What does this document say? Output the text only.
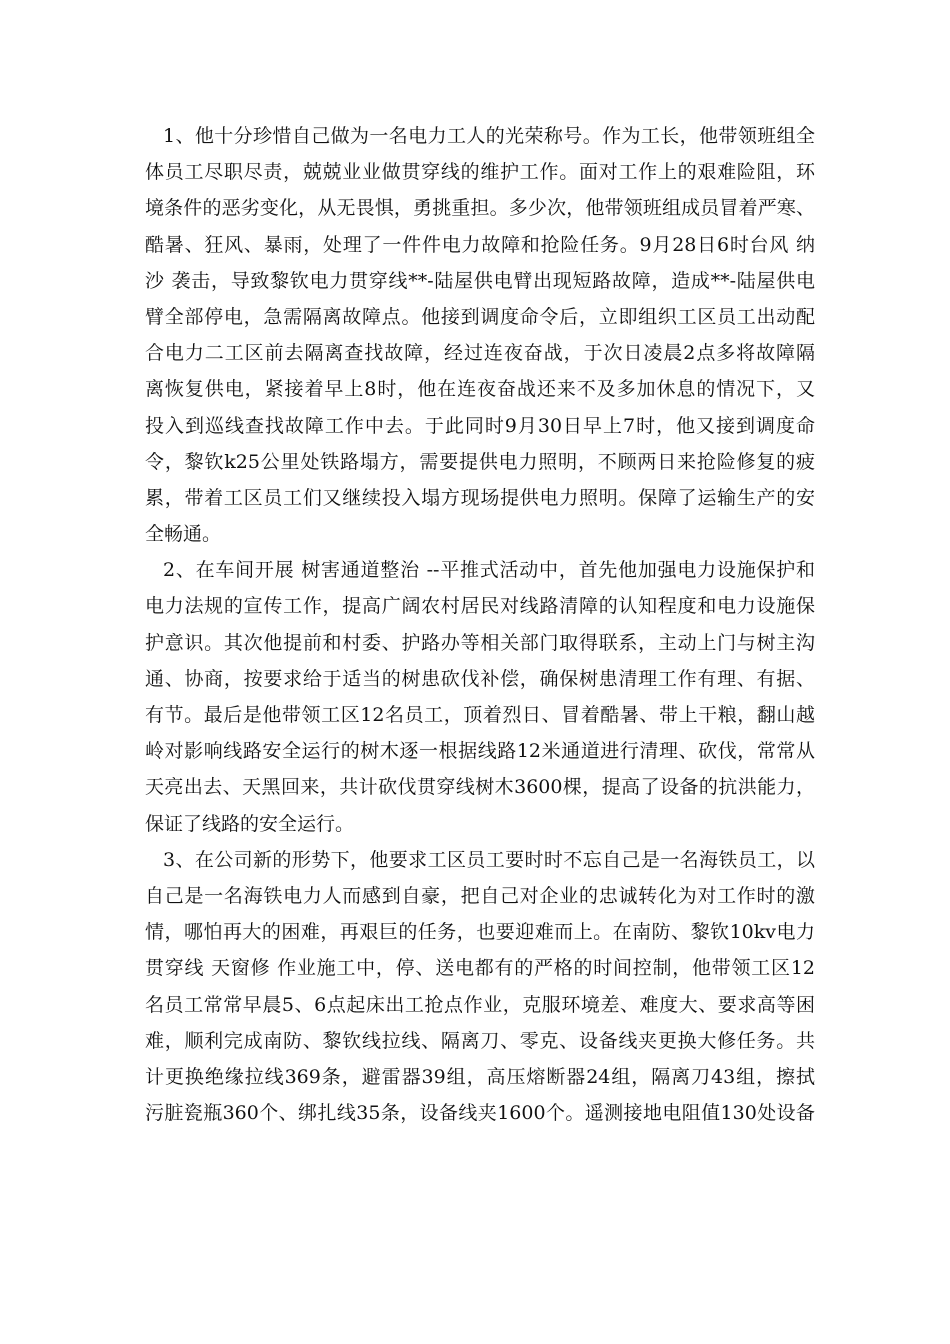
1、他十分珍惜自己做为一名电力工人的光荣称号。作为工长，他带领班组全
体员工尽职尽责，兢兢业业做贯穿线的维护工作。面对工作上的艰难险阻，环
境条件的恶劣变化，从无畏惧，勇挑重担。多少次，他带领班组成员冒着严寒、
酷暑、狂风、暴雨，处理了一件件电力故障和抢险任务。9月28日6时台风 纳
沙 袭击，导致黎钦电力贯穿线**-陆屋供电臂出现短路故障，造成**-陆屋供电
臂全部停电，急需隔离故障点。他接到调度命令后，立即组织工区员工出动配
合电力二工区前去隔离查找故障，经过连夜奋战，于次日凌晨2点多将故障隔
离恢复供电，紧接着早上8时，他在连夜奋战还来不及多加休息的情况下，又
投入到巡线查找故障工作中去。于此同时9月30日早上7时，他又接到调度命
令，黎钦k25公里处铁路塌方，需要提供电力照明，不顾两日来抢险修复的疲
累，带着工区员工们又继续投入塌方现场提供电力照明。保障了运输生产的安
全畅通。
2、在车间开展 树害通道整治 --平推式活动中，首先他加强电力设施保护和
电力法规的宣传工作，提高广阔农村居民对线路清障的认知程度和电力设施保
护意识。其次他提前和村委、护路办等相关部门取得联系，主动上门与树主沟
通、协商，按要求给于适当的树患砍伐补偿，确保树患清理工作有理、有据、
有节。最后是他带领工区12名员工，顶着烈日、冒着酷暑、带上干粮，翻山越
岭对影响线路安全运行的树木逐一根据线路12米通道进行清理、砍伐，常常从
天亮出去、天黑回来，共计砍伐贯穿线树木3600棵，提高了设备的抗洪能力，
保证了线路的安全运行。
3、在公司新的形势下，他要求工区员工要时时不忘自己是一名海铁员工，以
自己是一名海铁电力人而感到自豪，把自己对企业的忠诚转化为对工作时的激
情，哪怕再大的困难，再艰巨的任务，也要迎难而上。在南防、黎钦10kv电力
贯穿线 天窗修 作业施工中，停、送电都有的严格的时间控制，他带领工区12
名员工常常早晨5、6点起床出工抢点作业，克服环境差、难度大、要求高等困
难，顺利完成南防、黎钦线拉线、隔离刀、零克、设备线夹更换大修任务。共
计更换绝缘拉线369条，避雷器39组，高压熔断器24组，隔离刀43组，擦拭
污脏瓷瓶360个、绑扎线35条，设备线夹1600个。遥测接地电阻值130处设备
